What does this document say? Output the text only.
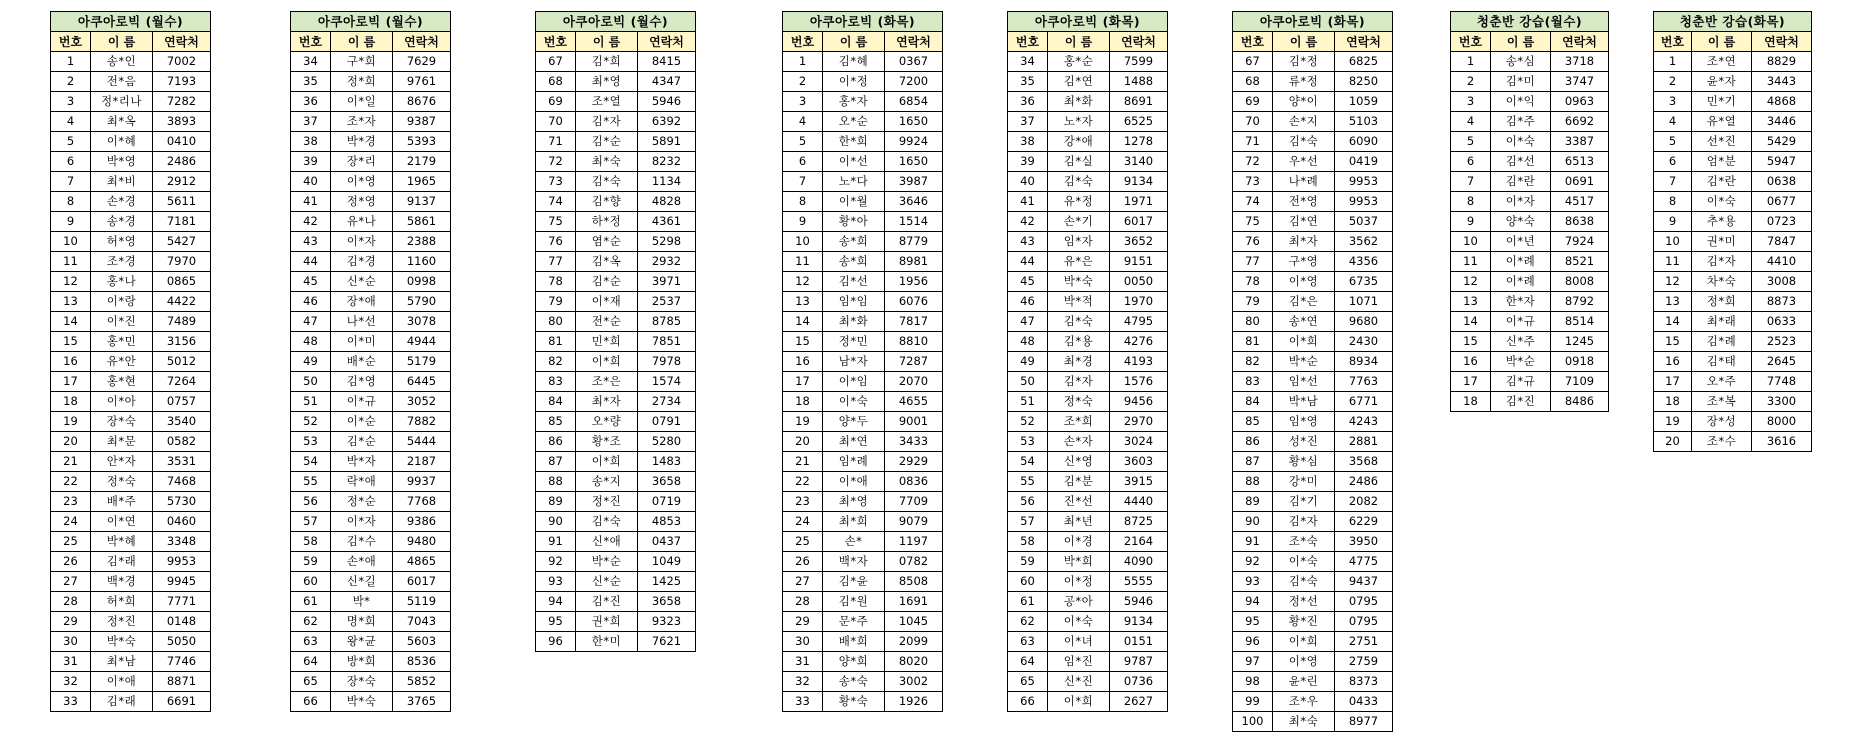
아쿠아로빅 (월수)
번호	이 름	연락처
1	송*인	7002
2	전*음	7193
3	정*리나	7282
4	최*옥	3893
5	이*혜	0410
6	박*영	2486
7	최*비	2912
8	손*경	5611
9	송*경	7181
10	허*영	5427
11	조*경	7970
12	홍*나	0865
13	이*랑	4422
14	이*진	7489
15	홍*민	3156
16	유*안	5012
17	홍*현	7264
18	이*아	0757
19	장*숙	3540
20	최*문	0582
21	안*자	3531
22	정*숙	7468
23	배*주	5730
24	이*연	0460
25	박*혜	3348
26	김*래	9953
27	백*경	9945
28	허*희	7771
29	정*진	0148
30	박*숙	5050
31	최*남	7746
32	이*애	8871
33	김*래	6691
아쿠아로빅 (월수)
번호	이 름	연락처
34	구*희	7629
35	정*희	9761
36	이*일	8676
37	조*자	9387
38	박*경	5393
39	장*리	2179
40	이*영	1965
41	정*영	9137
42	유*나	5861
43	이*자	2388
44	김*경	1160
45	신*순	0998
46	장*애	5790
47	나*선	3078
48	이*미	4944
49	배*순	5179
50	김*영	6445
51	이*규	3052
52	이*순	7882
53	김*순	5444
54	박*자	2187
55	락*애	9937
56	정*순	7768
57	이*자	9386
58	김*수	9480
59	손*애	4865
60	신*길	6017
61	박*	5119
62	명*희	7043
63	왕*균	5603
64	방*희	8536
65	장*숙	5852
66	박*숙	3765
아쿠아로빅 (월수)
번호	이 름	연락처
67	김*희	8415
68	최*영	4347
69	조*열	5946
70	김*자	6392
71	김*순	5891
72	최*숙	8232
73	김*숙	1134
74	김*향	4828
75	하*정	4361
76	염*순	5298
77	김*옥	2932
78	김*순	3971
79	이*재	2537
80	전*순	8785
81	민*희	7851
82	이*희	7978
83	조*은	1574
84	최*자	2734
85	오*량	0791
86	황*조	5280
87	이*희	1483
88	송*지	3658
89	정*진	0719
90	김*숙	4853
91	신*애	0437
92	박*순	1049
93	신*순	1425
94	김*진	3658
95	권*희	9323
96	한*미	7621
아쿠아로빅 (화목)
번호	이 름	연락처
1	김*혜	0367
2	이*정	7200
3	홍*자	6854
4	오*순	1650
5	한*희	9924
6	이*선	1650
7	노*다	3987
8	이*월	3646
9	황*아	1514
10	송*희	8779
11	송*희	8981
12	김*선	1956
13	임*임	6076
14	최*화	7817
15	정*민	8810
16	남*자	7287
17	이*임	2070
18	이*숙	4655
19	양*두	9001
20	최*연	3433
21	임*례	2929
22	이*애	0836
23	최*영	7709
24	최*희	9079
25	손*	1197
26	백*자	0782
27	김*윤	8508
28	김*원	1691
29	문*주	1045
30	배*희	2099
31	양*희	8020
32	송*숙	3002
33	황*숙	1926
아쿠아로빅 (화목)
번호	이 름	연락처
34	홍*순	7599
35	김*연	1488
36	최*화	8691
37	노*자	6525
38	강*애	1278
39	김*실	3140
40	김*숙	9134
41	유*정	1971
42	손*기	6017
43	임*자	3652
44	유*은	9151
45	박*숙	0050
46	박*적	1970
47	김*숙	4795
48	김*용	4276
49	최*경	4193
50	김*자	1576
51	정*숙	9456
52	조*희	2970
53	손*자	3024
54	신*영	3603
55	김*분	3915
56	진*선	4440
57	최*년	8725
58	이*경	2164
59	박*희	4090
60	이*정	5555
61	공*아	5946
62	이*숙	9134
63	이*녀	0151
64	임*진	9787
65	신*진	0736
66	이*희	2627
아쿠아로빅 (화목)
번호	이 름	연락처
67	김*정	6825
68	류*정	8250
69	양*이	1059
70	손*지	5103
71	김*숙	6090
72	우*선	0419
73	나*례	9953
74	전*영	9953
75	김*연	5037
76	최*자	3562
77	구*영	4356
78	이*영	6735
79	김*은	1071
80	송*연	9680
81	이*희	2430
82	박*순	8934
83	임*선	7763
84	박*남	6771
85	임*영	4243
86	성*진	2881
87	황*심	3568
88	강*미	2486
89	김*기	2082
90	김*자	6229
91	조*숙	3950
92	이*숙	4775
93	김*숙	9437
94	정*선	0795
95	황*진	0795
96	이*희	2751
97	이*영	2759
98	윤*린	8373
99	조*우	0433
100	최*숙	8977
청춘반 강습(월수)
번호	이 름	연락처
1	송*심	3718
2	김*미	3747
3	이*익	0963
4	김*주	6692
5	이*숙	3387
6	김*선	6513
7	김*란	0691
8	이*자	4517
9	양*숙	8638
10	이*년	7924
11	이*례	8521
12	이*례	8008
13	한*자	8792
14	이*규	8514
15	신*주	1245
16	박*순	0918
17	김*규	7109
18	김*진	8486
청춘반 강습(화목)
번호	이 름	연락처
1	조*연	8829
2	윤*자	3443
3	민*기	4868
4	유*열	3446
5	선*진	5429
6	엄*분	5947
7	김*란	0638
8	이*숙	0677
9	추*용	0723
10	권*미	7847
11	김*자	4410
12	차*숙	3008
13	정*희	8873
14	최*래	0633
15	김*례	2523
16	김*태	2645
17	오*주	7748
18	조*복	3300
19	장*성	8000
20	조*수	3616
